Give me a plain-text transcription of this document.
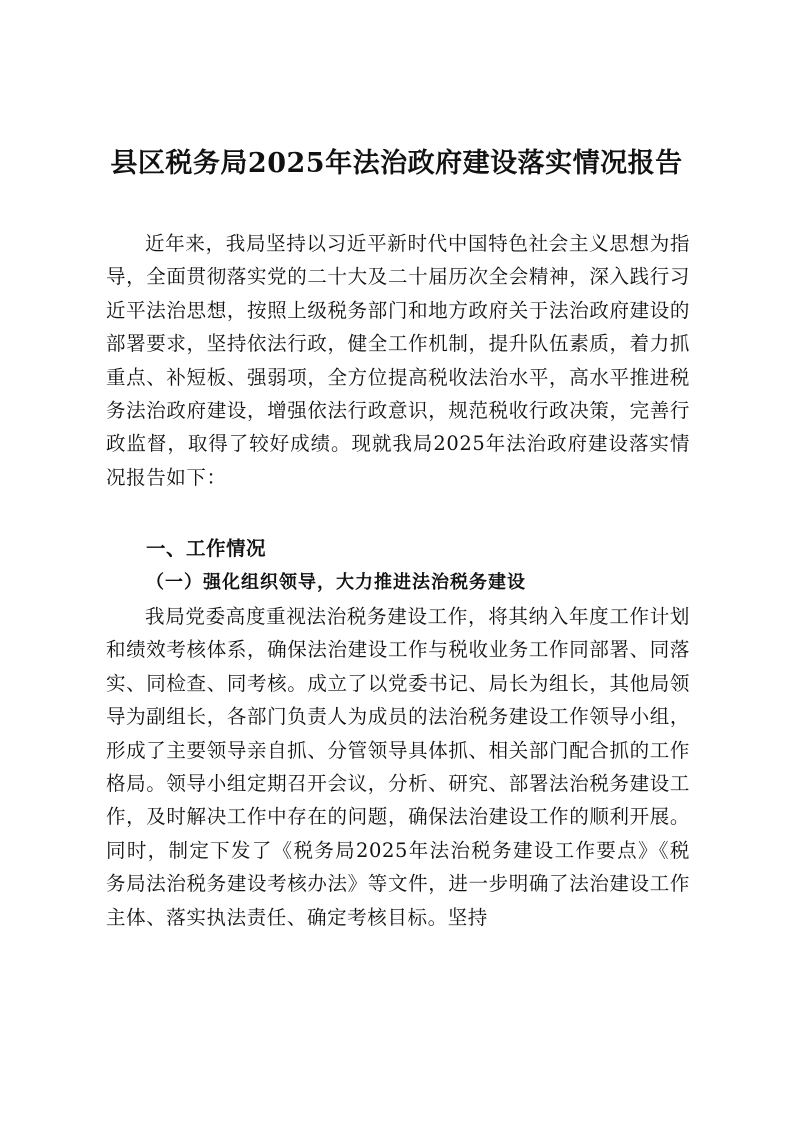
县区税务局2025年法治政府建设落实情况报告

近年来，我局坚持以习近平新时代中国特色社会主义思想为指导，全面贯彻落实党的二十大及二十届历次全会精神，深入践行习近平法治思想，按照上级税务部门和地方政府关于法治政府建设的部署要求，坚持依法行政，健全工作机制，提升队伍素质，着力抓重点、补短板、强弱项，全方位提高税收法治水平，高水平推进税务法治政府建设，增强依法行政意识，规范税收行政决策，完善行政监督，取得了较好成绩。现就我局2025年法治政府建设落实情况报告如下：

一、工作情况
（一）强化组织领导，大力推进法治税务建设

我局党委高度重视法治税务建设工作，将其纳入年度工作计划和绩效考核体系，确保法治建设工作与税收业务工作同部署、同落实、同检查、同考核。成立了以党委书记、局长为组长，其他局领导为副组长，各部门负责人为成员的法治税务建设工作领导小组，形成了主要领导亲自抓、分管领导具体抓、相关部门配合抓的工作格局。领导小组定期召开会议，分析、研究、部署法治税务建设工作，及时解决工作中存在的问题，确保法治建设工作的顺利开展。同时，制定下发了《税务局2025年法治税务建设工作要点》《税务局法治税务建设考核办法》等文件，进一步明确了法治建设工作主体、落实执法责任、确定考核目标。坚持
